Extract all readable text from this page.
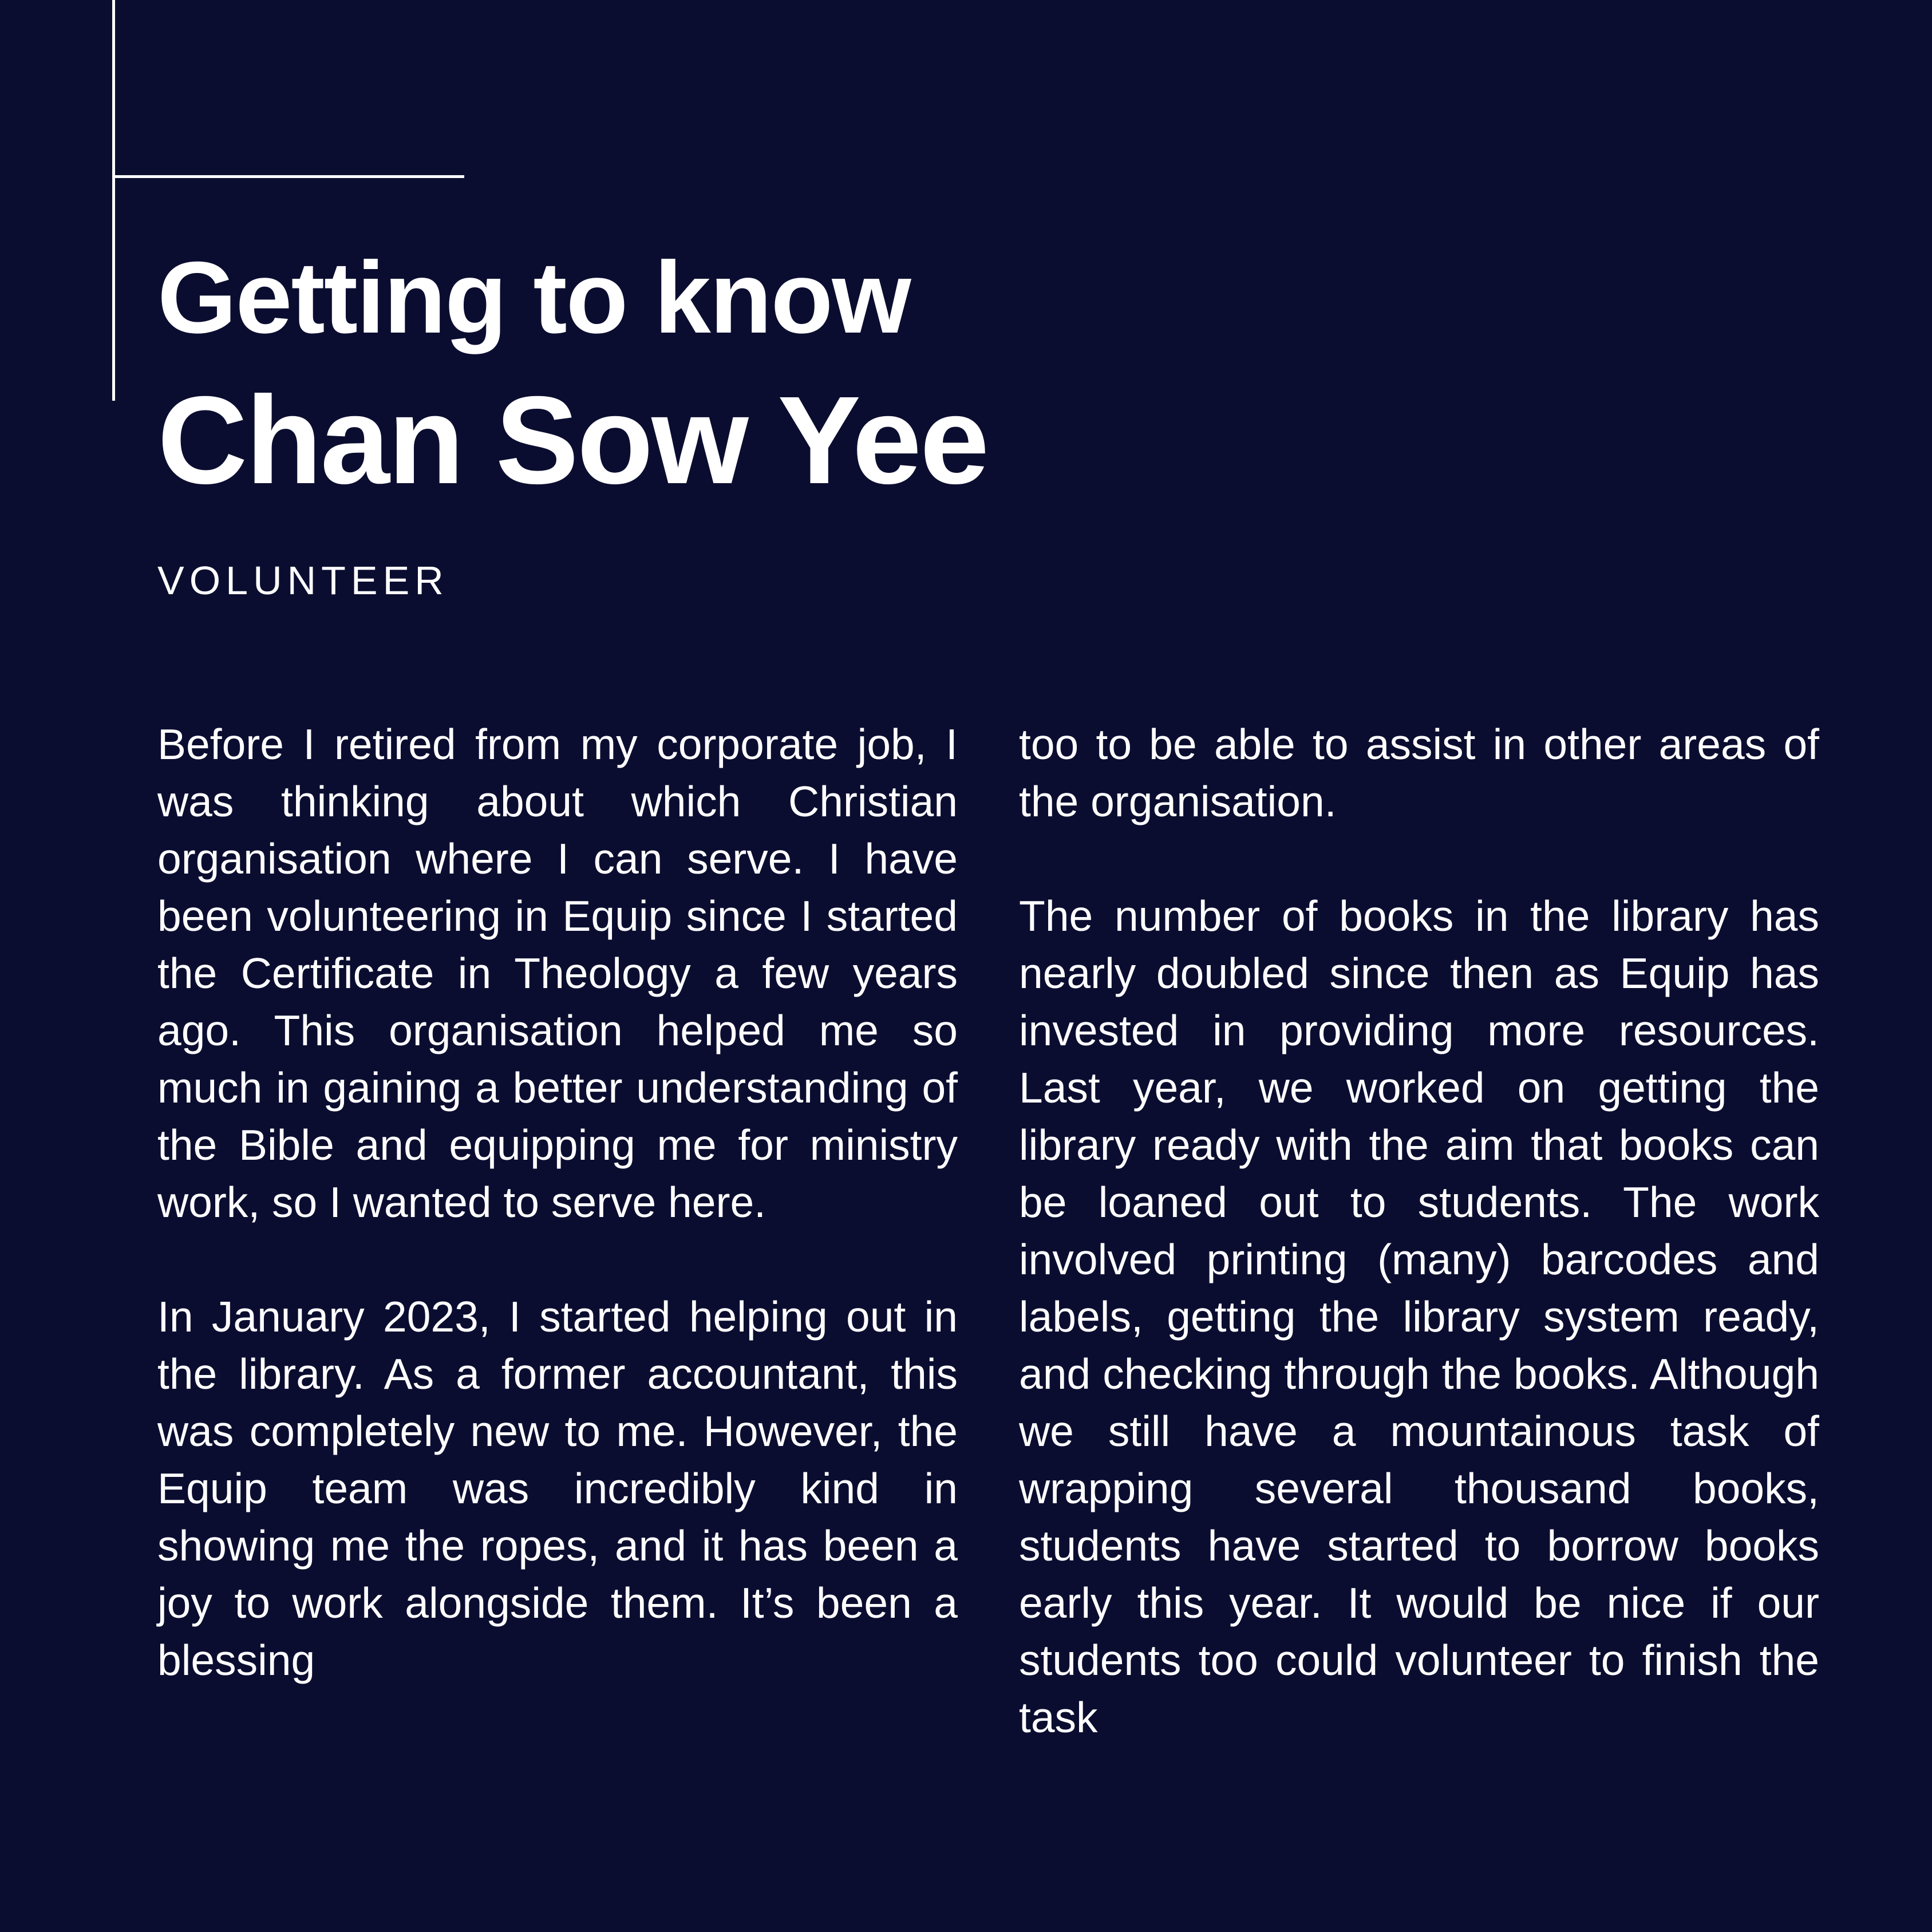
Getting to know
Chan Sow Yee
VOLUNTEER

Before I retired from my corporate job, I was thinking about which Christian organisation where I can serve. I have been volunteering in Equip since I started the Certificate in Theology a few years ago. This organisation helped me so much in gaining a better understanding of the Bible and equipping me for ministry work, so I wanted to serve here.

In January 2023, I started helping out in the library. As a former accountant, this was completely new to me. However, the Equip team was incredibly kind in showing me the ropes, and it has been a joy to work alongside them. It’s been a blessing

too to be able to assist in other areas of the organisation.

The number of books in the library has nearly doubled since then as Equip has invested in providing more resources. Last year, we worked on getting the library ready with the aim that books can be loaned out to students. The work involved printing (many) barcodes and labels, getting the library system ready, and checking through the books. Although we still have a mountainous task of wrapping several thousand books, students have started to borrow books early this year. It would be nice if our students too could volunteer to finish the task
